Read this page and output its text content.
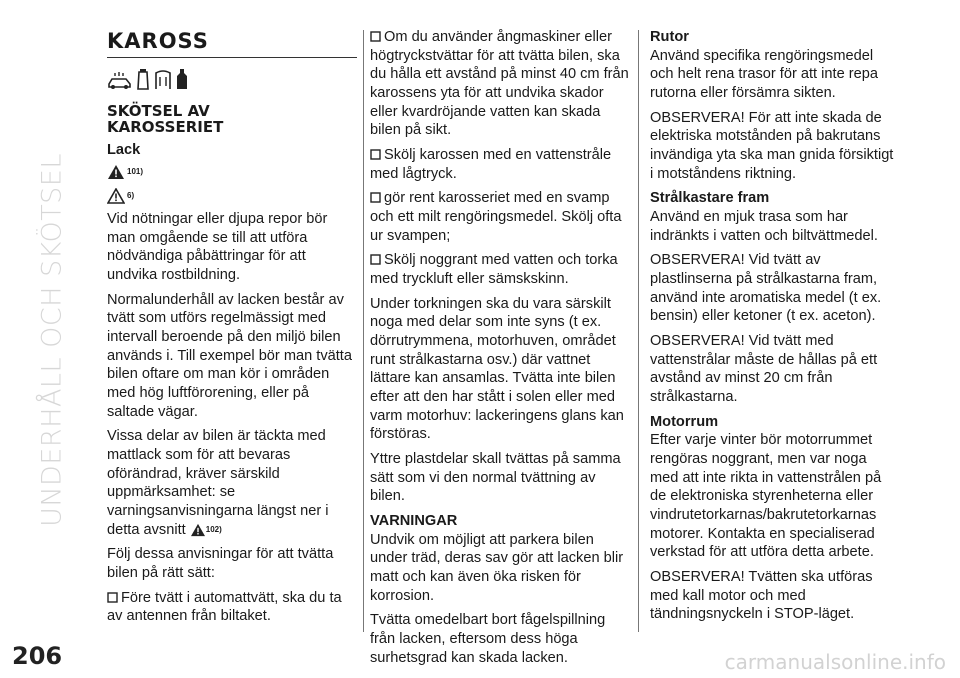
UNDERHÅLL OCH SKÖTSEL
206	carmanualsonline.info
KAROSS
SKÖTSEL AV
KAROSSERIET
Lack
101)
6)

Vid nötningar eller djupa repor bör man omgående se till att utföra nödvändiga påbättringar för att undvika rostbildning.

Normalunderhåll av lacken består av tvätt som utförs regelmässigt med intervall beroende på den miljö bilen används i. Till exempel bör man tvätta bilen oftare om man kör i områden med hög luftförorening, eller på saltade vägar.

Vissa delar av bilen är täckta med mattlack som för att bevaras oförändrad, kräver särskild uppmärksamhet: se varningsanvisningarna längst ner i detta avsnitt	102)

Följ dessa anvisningar för att tvätta bilen på rätt sätt:

Före tvätt i automattvätt, ska du ta av antennen från biltaket.

Om du använder ångmaskiner eller högtryckstvättar för att tvätta bilen, ska du hålla ett avstånd på minst 40 cm från karossens yta för att undvika skador eller kvardröjande vatten kan skada bilen på sikt.

Skölj karossen med en vattenstråle med lågtryck.

gör rent karosseriet med en svamp och ett milt rengöringsmedel. Skölj ofta ur svampen;

Skölj noggrant med vatten och torka med tryckluft eller sämskskinn.

Under torkningen ska du vara särskilt noga med delar som inte syns (t ex. dörrutrymmena, motorhuven, området runt strålkastarna osv.) där vattnet lättare kan ansamlas. Tvätta inte bilen efter att den har stått i solen eller med varm motorhuv: lackeringens glans kan förstöras.

Yttre plastdelar skall tvättas på samma sätt som vi den normal tvättning av bilen.

VARNINGAR

Undvik om möjligt att parkera bilen under träd, deras sav gör att lacken blir matt och kan även öka risken för korrosion.

Tvätta omedelbart bort fågelspillning från lacken, eftersom dess höga surhetsgrad kan skada lacken.

Rutor

Använd specifika rengöringsmedel och helt rena trasor för att inte repa rutorna eller försämra sikten.

OBSERVERA! För att inte skada de elektriska motstånden på bakrutans invändiga yta ska man gnida försiktigt i motståndens riktning.

Strålkastare fram

Använd en mjuk trasa som har indränkts i vatten och biltvättmedel.

OBSERVERA! Vid tvätt av plastlinserna på strålkastarna fram, använd inte aromatiska medel (t ex. bensin) eller ketoner (t ex. aceton).

OBSERVERA! Vid tvätt med vattenstrålar måste de hållas på ett avstånd av minst 20 cm från strålkastarna.

Motorrum

Efter varje vinter bör motorrummet rengöras noggrant, men var noga med att inte rikta in vattenstrålen på de elektroniska styrenheterna eller vindrutetorkarnas/bakrutetorkarnas motorer. Kontakta en specialiserad verkstad för att utföra detta arbete.

OBSERVERA! Tvätten ska utföras med kall motor och med tändningsnyckeln i STOP-läget.
